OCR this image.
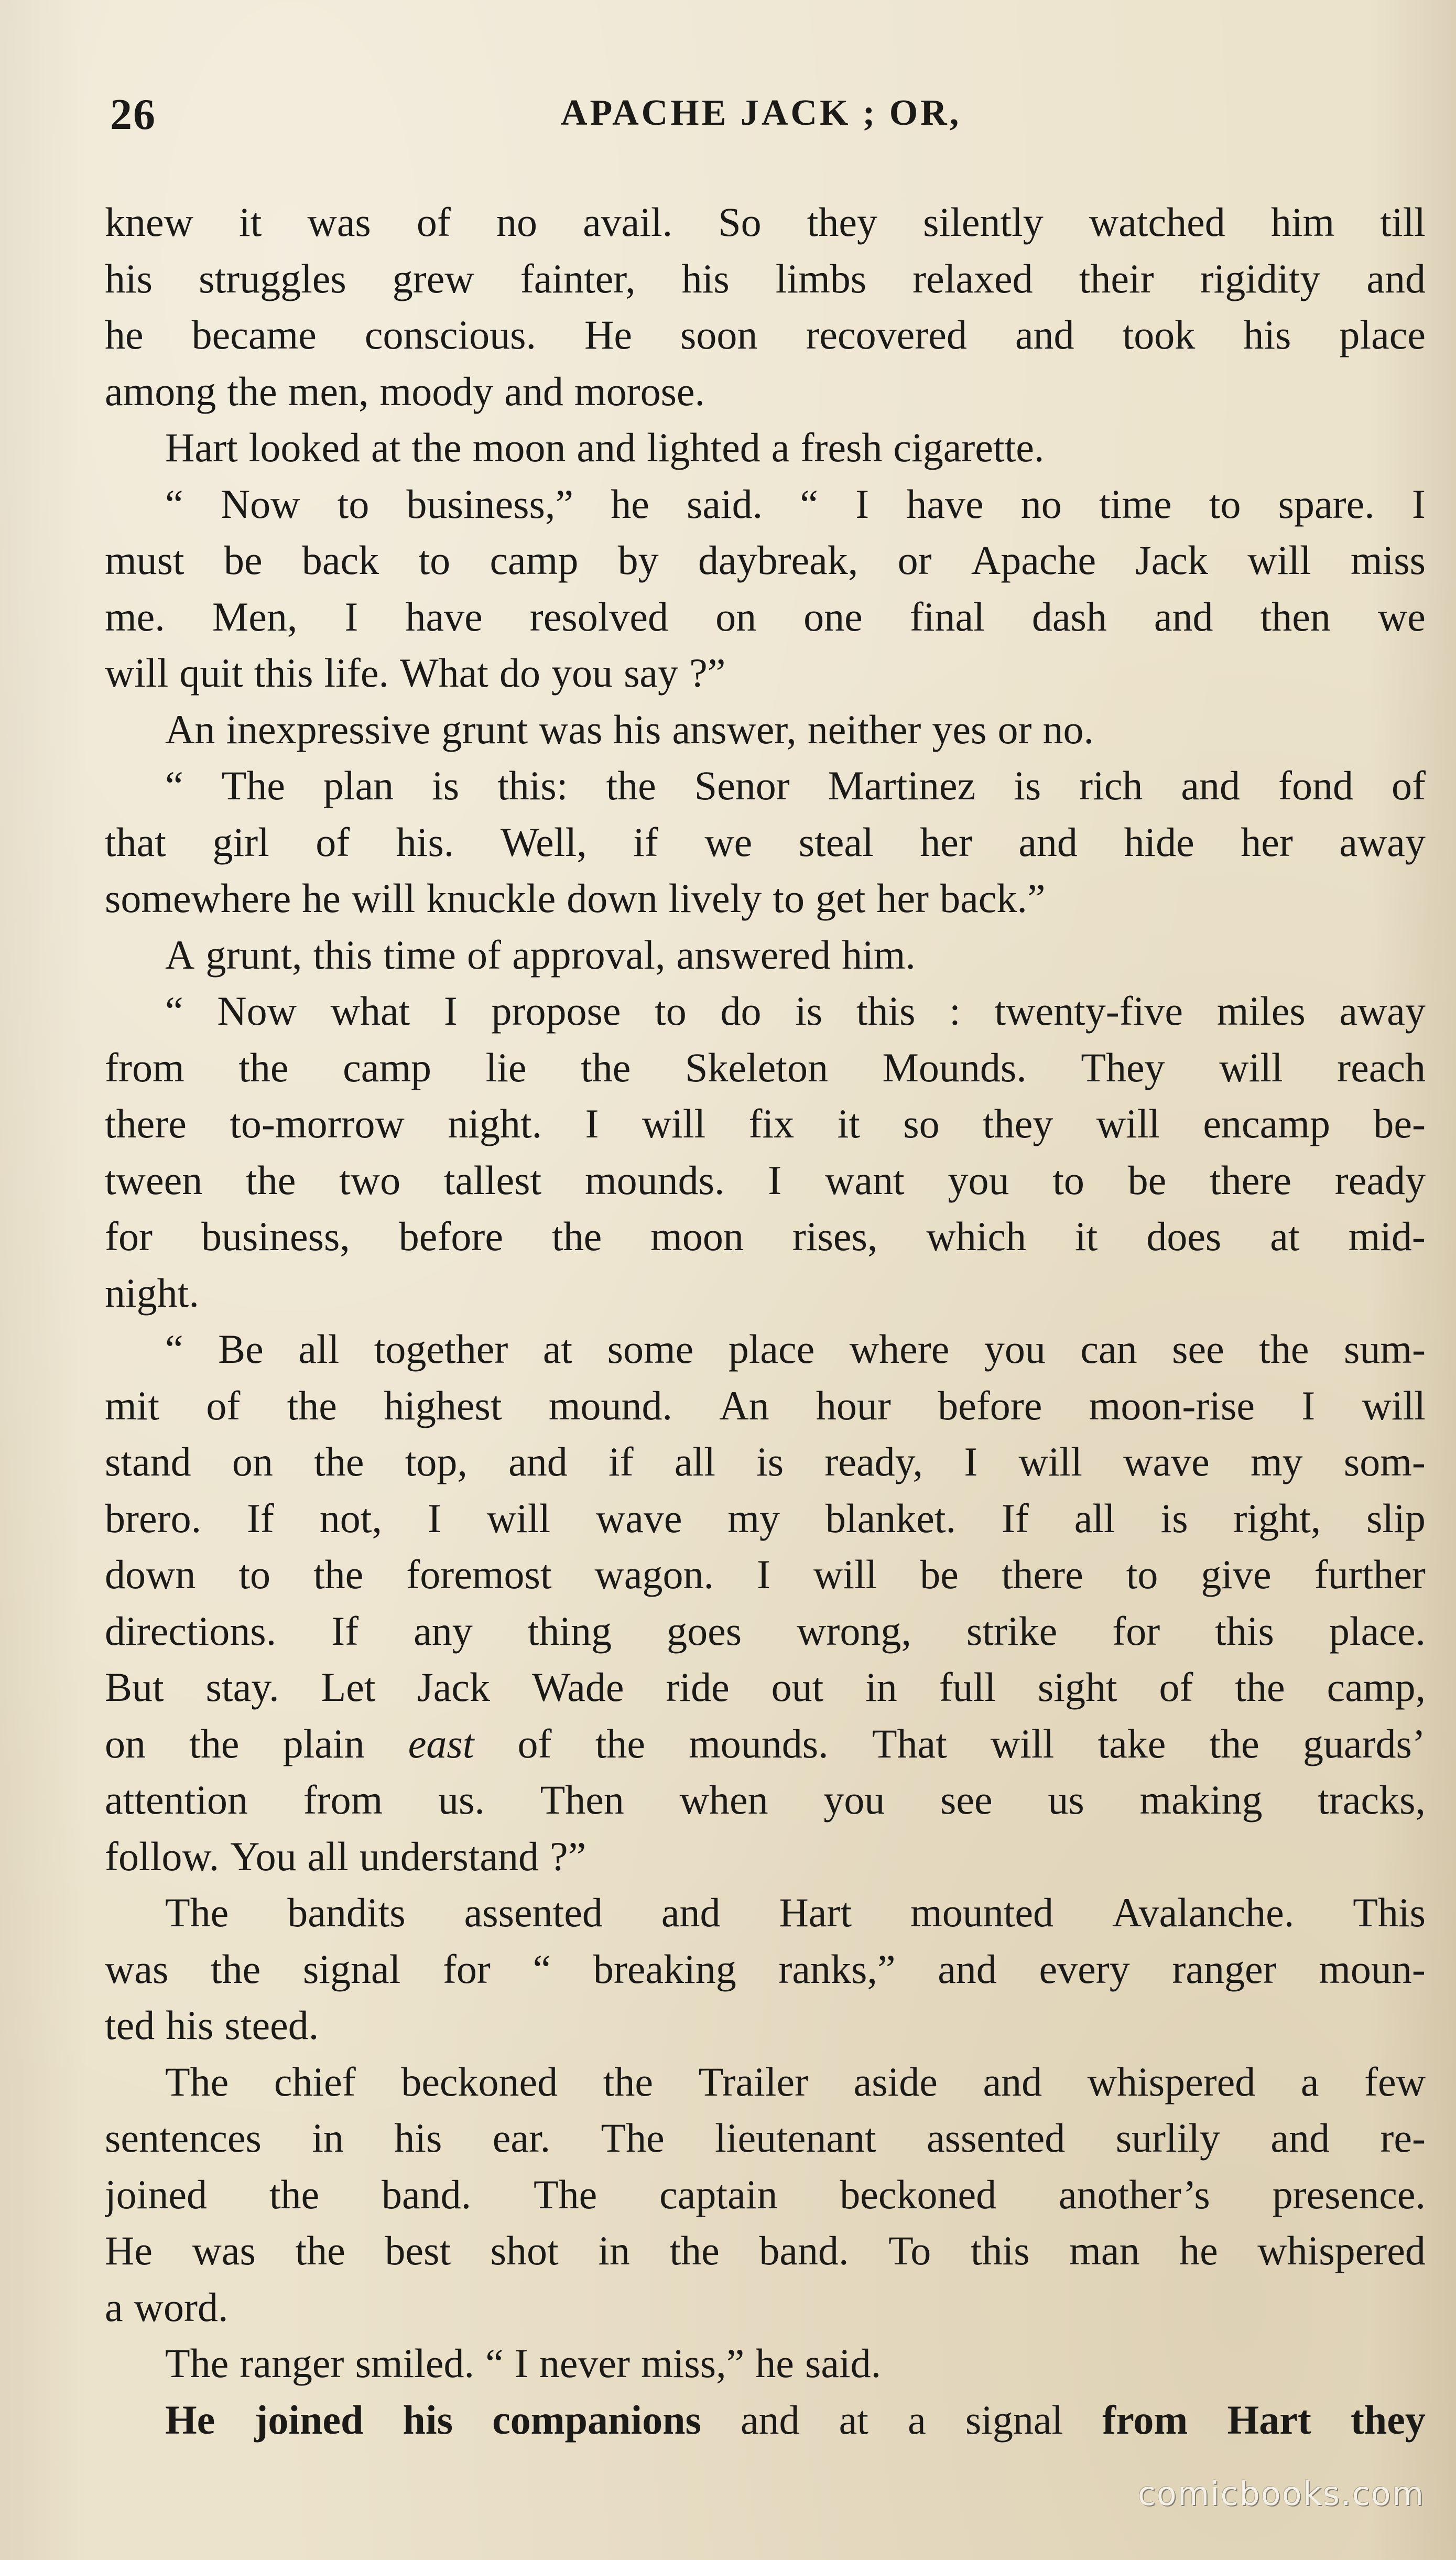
26	APACHE JACK ; OR,
knew it was of no avail. So they silently watched him till
his struggles grew fainter, his limbs relaxed their rigidity and
he became conscious. He soon recovered and took his place
among the men, moody and morose.
Hart looked at the moon and lighted a fresh cigarette.
“ Now to business,” he said. “ I have no time to spare. I
must be back to camp by daybreak, or Apache Jack will miss
me. Men, I have resolved on one final dash and then we
will quit this life. What do you say ?”
An inexpressive grunt was his answer, neither yes or no.
“ The plan is this: the Senor Martinez is rich and fond of
that girl of his. Well, if we steal her and hide her away
somewhere he will knuckle down lively to get her back.”
A grunt, this time of approval, answered him.
“ Now what I propose to do is this : twenty-five miles away
from the camp lie the Skeleton Mounds. They will reach
there to-morrow night. I will fix it so they will encamp be-
tween the two tallest mounds. I want you to be there ready
for business, before the moon rises, which it does at mid-
night.
“ Be all together at some place where you can see the sum-
mit of the highest mound. An hour before moon-rise I will
stand on the top, and if all is ready, I will wave my som-
brero. If not, I will wave my blanket. If all is right, slip
down to the foremost wagon. I will be there to give further
directions. If any thing goes wrong, strike for this place.
But stay. Let Jack Wade ride out in full sight of the camp,
on the plain east of the mounds. That will take the guards’
attention from us. Then when you see us making tracks,
follow. You all understand ?”
The bandits assented and Hart mounted Avalanche. This
was the signal for “ breaking ranks,” and every ranger moun-
ted his steed.
The chief beckoned the Trailer aside and whispered a few
sentences in his ear. The lieutenant assented surlily and re-
joined the band. The captain beckoned another’s presence.
He was the best shot in the band. To this man he whispered
a word.
The ranger smiled. “ I never miss,” he said.
He joined his companions and at a signal from Hart they
comicbooks.com
